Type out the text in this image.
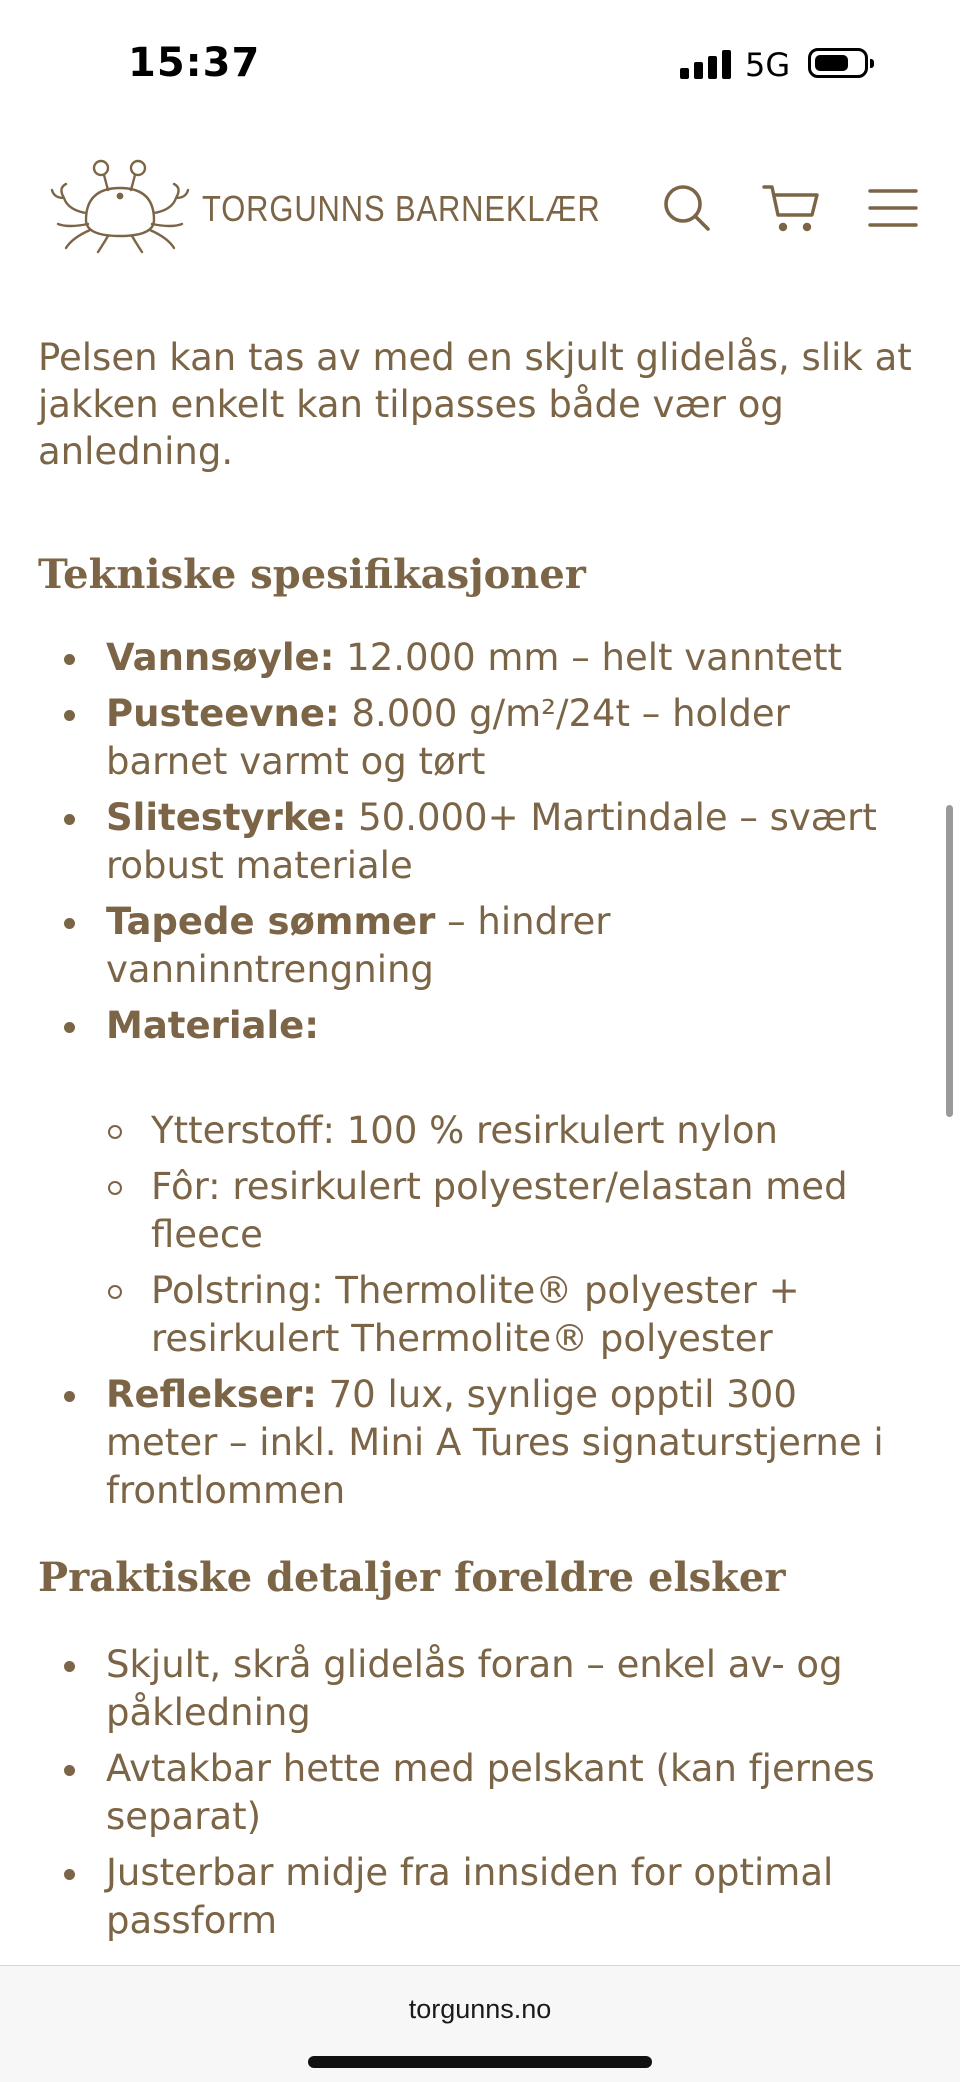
15:37	5G
TORGUNNS BARNEKLÆR

Pelsen kan tas av med en skjult glidelås, slik at jakken enkelt kan tilpasses både vær og anledning.

Tekniske spesifikasjoner
Vannsøyle: 12.000 mm – helt vanntett
Pusteevne: 8.000 g/m²/24t – holder barnet varmt og tørt
Slitestyrke: 50.000+ Martindale – svært robust materiale
Tapede sømmer – hindrer vanninntrengning
Materiale:
Ytterstoff: 100 % resirkulert nylon
Fôr: resirkulert polyester/elastan med fleece
Polstring: Thermolite® polyester + resirkulert Thermolite® polyester
Reflekser: 70 lux, synlige opptil 300 meter – inkl. Mini A Tures signaturstjerne i frontlommen
Praktiske detaljer foreldre elsker
Skjult, skrå glidelås foran – enkel av- og påkledning
Avtakbar hette med pelskant (kan fjernes separat)
Justerbar midje fra innsiden for optimal passform
torgunns.no
